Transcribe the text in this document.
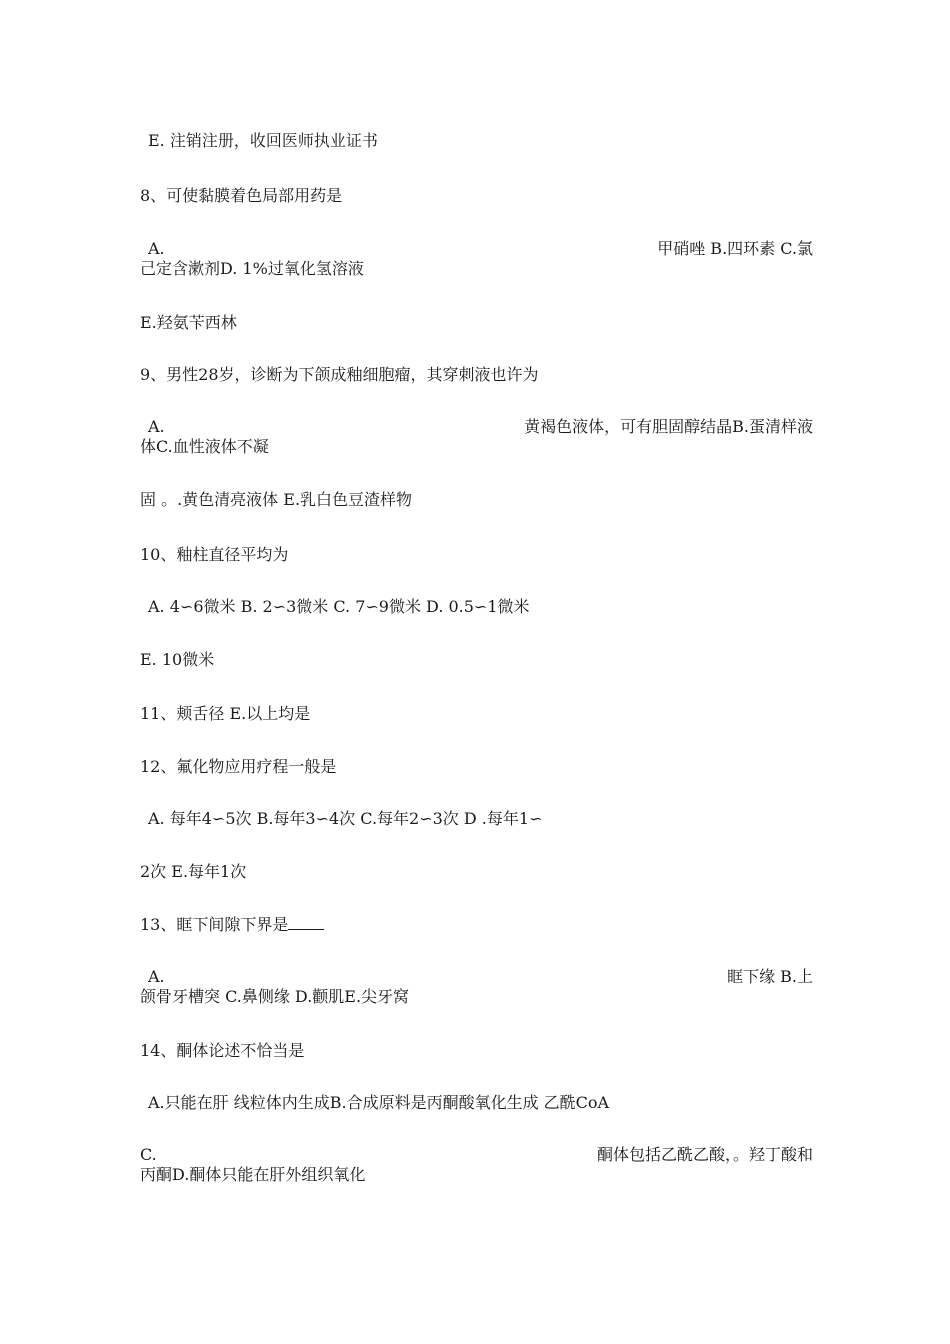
E. 注销注册，收回医师执业证书
8、可使黏膜着色局部用药是
A.	甲硝唑 B.四环素 C.氯
己定含漱剂D. 1%过氧化氢溶液
E.羟氨苄西林
9、男性28岁，诊断为下颌成釉细胞瘤，其穿刺液也许为
A.	黄褐色液体，可有胆固醇结晶B.蛋清样液
体C.血性液体不凝
固 。.黄色清亮液体 E.乳白色豆渣样物
10、釉柱直径平均为
A. 4∽6微米 B. 2∽3微米 C. 7∽9微米 D. 0.5∽1微米
E. 10微米
11、颊舌径 E.以上均是
12、氟化物应用疗程一般是
A. 每年4∽5次 B.每年3∽4次 C.每年2∽3次 D .每年1∽
2次 E.每年1次
13、眶下间隙下界是
A.	眶下缘 B.上
颌骨牙槽突 C.鼻侧缘 D.颧肌E.尖牙窝
14、酮体论述不恰当是
A.只能在肝 线粒体内生成B.合成原料是丙酮酸氧化生成 乙酰CoA
C.	酮体包括乙酰乙酸，。羟丁酸和
丙酮D.酮体只能在肝外组织氧化
